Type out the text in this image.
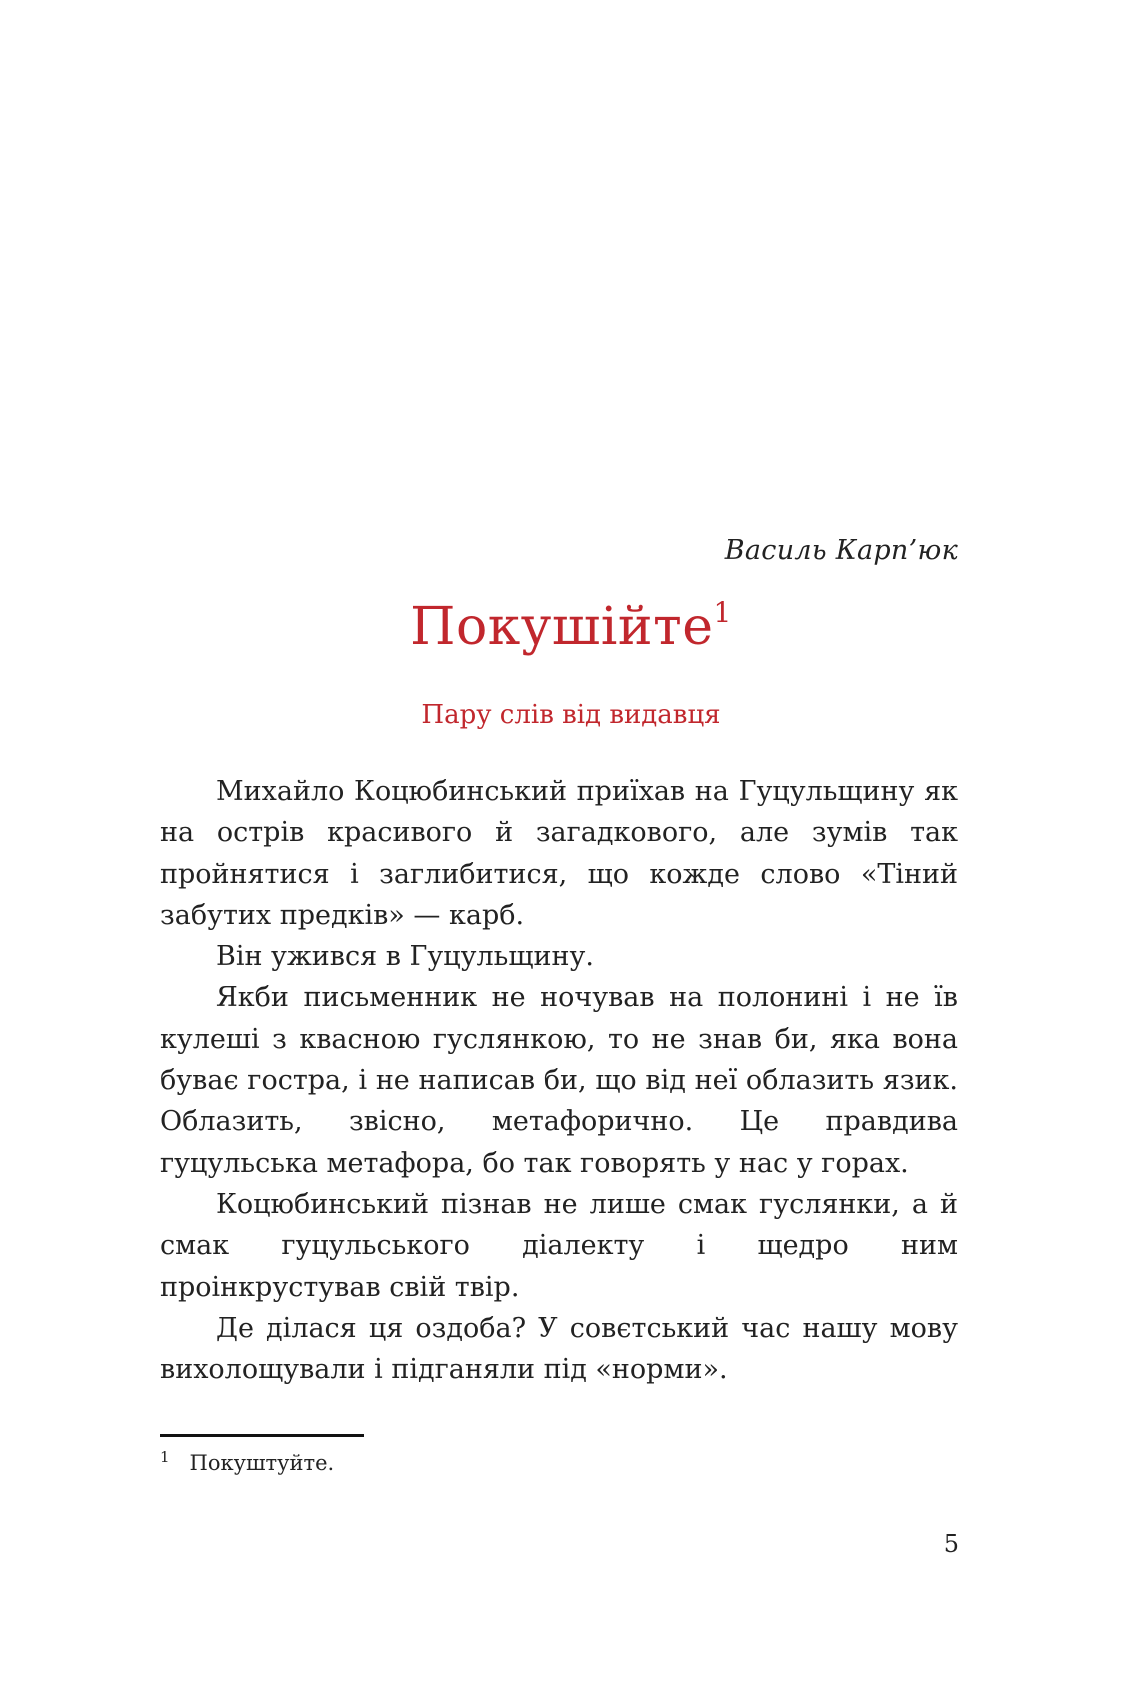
Василь Карп’юк
Покушійте$^1$
Пару слів від видавця

Михайло Коцюбинський приїхав на Гуцульщину як на острів красивого й загадкового, але зумів так пройнятися і заглибитися, що кожде слово «Тіний забутих предків» — карб.

Він ужився в Гуцульщину.

Якби письменник не ночував на полонині і не їв кулеші з квасною гуслянкою, то не знав би, яка вона буває гостра, і не написав би, що від неї облазить язик. Облазить, звісно, метафорично. Це правдива гуцульська метафора, бо так говорять у нас у горах.

Коцюбинський пізнав не лише смак гуслянки, а й смак гуцульського діалекту і щедро ним проінкрустував свій твір.

Де ділася ця оздоба? У совєтський час нашу мову вихолощували і підганяли під «норми».

$^1$ Покуштуйте.
5
